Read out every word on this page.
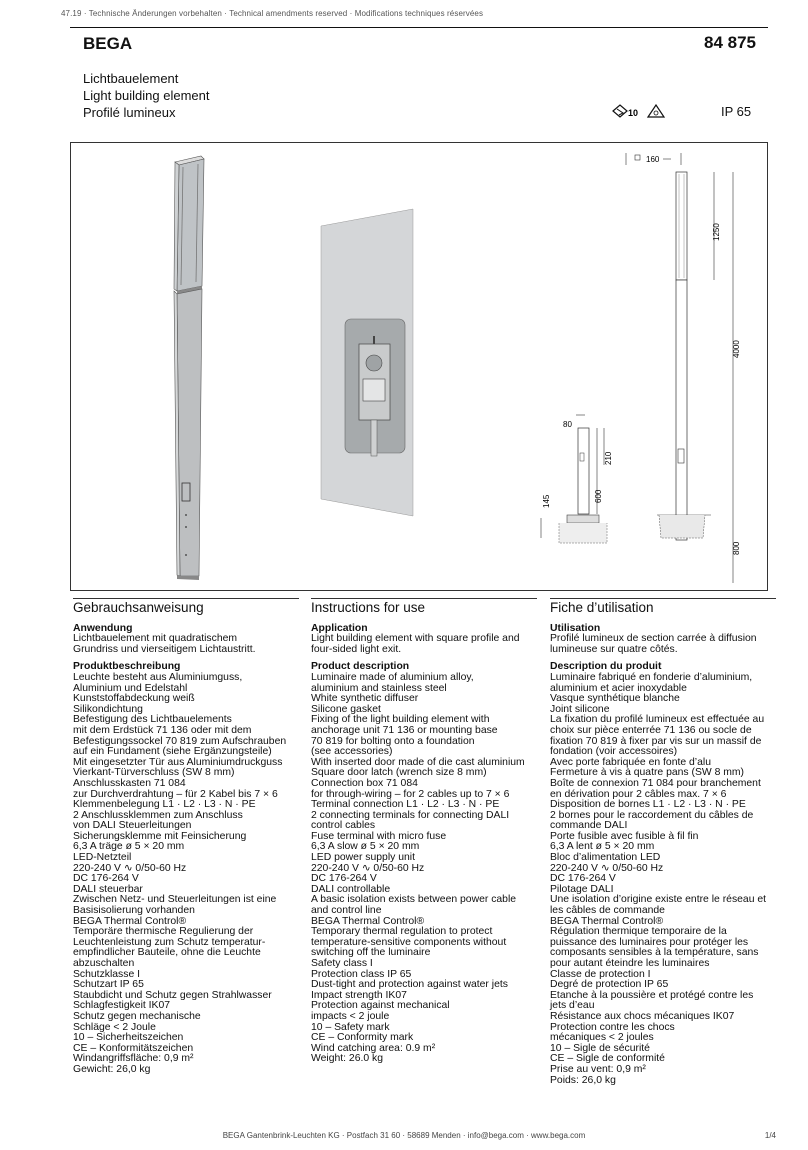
47.19 · Technische Änderungen vorbehalten · Technical amendments reserved · Modifications techniques réservées
BEGA	84 875
Lichtbauelement
Light building element
Profilé lumineux	10	IP 65
160
1250
4000
800
80
210
600
145
Gebrauchsanweisung
Anwendung
Lichtbauelement mit quadratischem
Grundriss und vierseitigem Lichtaustritt.
Produktbeschreibung
Leuchte besteht aus Aluminiumguss,
Aluminium und Edelstahl
Kunststoffabdeckung weiß
Silikondichtung
Befestigung des Lichtbauelements
mit dem Erdstück 71 136 oder mit dem
Befestigungssockel 70 819 zum Aufschrauben
auf ein Fundament (siehe Ergänzungsteile)
Mit eingesetzter Tür aus Aluminiumdruckguss
Vierkant-Türverschluss (SW 8 mm)
Anschlusskasten 71 084
zur Durchverdrahtung – für 2 Kabel bis 7 × 6
Klemmenbelegung L1 · L2 · L3 · N · PE
2 Anschlussklemmen zum Anschluss
von DALI Steuerleitungen
Sicherungsklemme mit Feinsicherung
6,3 A träge ø 5 × 20 mm
LED-Netzteil
220-240 V ∿ 0/50-60 Hz
DC 176-264 V
DALI steuerbar
Zwischen Netz- und Steuerleitungen ist eine
Basisisolierung vorhanden
BEGA Thermal Control®
Temporäre thermische Regulierung der
Leuchtenleistung zum Schutz temperatur-
empfindlicher Bauteile, ohne die Leuchte
abzuschalten
Schutzklasse I
Schutzart IP 65
Staubdicht und Schutz gegen Strahlwasser
Schlagfestigkeit IK07
Schutz gegen mechanische
Schläge < 2 Joule
10 – Sicherheitszeichen
CE – Konformitätszeichen
Windangriffsfläche: 0,9 m²
Gewicht: 26,0 kg
Instructions for use
Application
Light building element with square profile and
four-sided light exit.
Product description
Luminaire made of aluminium alloy,
aluminium and stainless steel
White synthetic diffuser
Silicone gasket
Fixing of the light building element with
anchorage unit 71 136 or mounting base
70 819 for bolting onto a foundation
(see accessories)
With inserted door made of die cast aluminium
Square door latch (wrench size 8 mm)
Connection box 71 084
for through-wiring – for 2 cables up to 7 × 6
Terminal connection L1 · L2 · L3 · N · PE
2 connecting terminals for connecting DALI
control cables
Fuse terminal with micro fuse
6,3 A slow ø 5 × 20 mm
LED power supply unit
220-240 V ∿ 0/50-60 Hz
DC 176-264 V
DALI controllable
A basic isolation exists between power cable
and control line
BEGA Thermal Control®
Temporary thermal regulation to protect
temperature-sensitive components without
switching off the luminaire
Safety class I
Protection class IP 65
Dust-tight and protection against water jets
Impact strength IK07
Protection against mechanical
impacts < 2 joule
10 – Safety mark
CE – Conformity mark
Wind catching area: 0.9 m²
Weight: 26.0 kg
Fiche d’utilisation
Utilisation
Profilé lumineux de section carrée à diffusion
lumineuse sur quatre côtés.
Description du produit
Luminaire fabriqué en fonderie d’aluminium,
aluminium et acier inoxydable
Vasque synthétique blanche
Joint silicone
La fixation du profilé lumineux est effectuée au
choix sur pièce enterrée 71 136 ou socle de
fixation 70 819 à fixer par vis sur un massif de
fondation (voir accessoires)
Avec porte fabriquée en fonte d’alu
Fermeture à vis à quatre pans (SW 8 mm)
Boîte de connexion 71 084 pour branchement
en dérivation pour 2 câbles max. 7 × 6
Disposition de bornes L1 · L2 · L3 · N · PE
2 bornes pour le raccordement du câbles de
commande DALI
Porte fusible avec fusible à fil fin
6,3 A lent ø 5 × 20 mm
Bloc d’alimentation LED
220-240 V ∿ 0/50-60 Hz
DC 176-264 V
Pilotage DALI
Une isolation d’origine existe entre le réseau et
les câbles de commande
BEGA Thermal Control®
Régulation thermique temporaire de la
puissance des luminaires pour protéger les
composants sensibles à la température, sans
pour autant éteindre les luminaires
Classe de protection I
Degré de protection IP 65
Etanche à la poussière et protégé contre les
jets d’eau
Résistance aux chocs mécaniques IK07
Protection contre les chocs
mécaniques < 2 joules
10 – Sigle de sécurité
CE – Sigle de conformité
Prise au vent: 0,9 m²
Poids: 26,0 kg
BEGA Gantenbrink-Leuchten KG · Postfach 31 60 · 58689 Menden · info@bega.com · www.bega.com	1/4
